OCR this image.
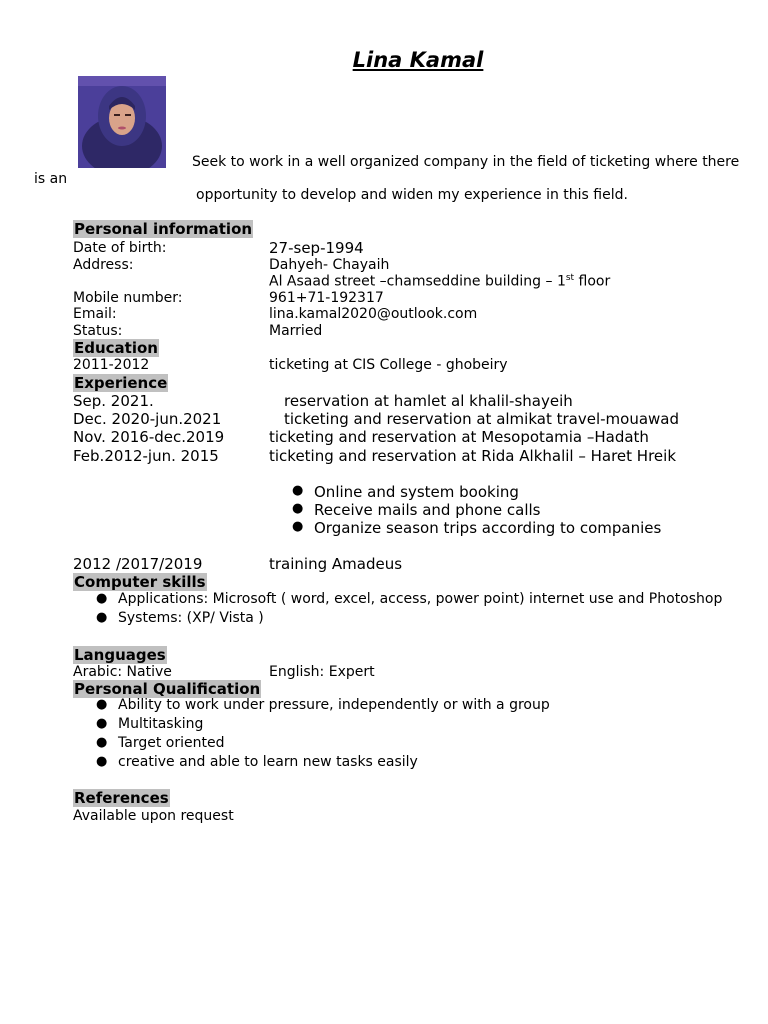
Lina Kamal
Seek to work in a well organized company in the field of ticketing where there
is an
opportunity to develop and widen my experience in this field.
Personal information
Date of birth:	27-sep-1994
Address:	Dahyeh- Chayaih
Al Asaad street –chamseddine building – 1st floor
Mobile number:	961+71-192317
Email:	lina.kamal2020@outlook.com
Status:	Married
Education
2011-2012	ticketing at CIS College - ghobeiry
Experience
Sep. 2021.	reservation at hamlet al khalil-shayeih
Dec. 2020-jun.2021	ticketing and reservation at almikat travel-mouawad
Nov. 2016-dec.2019	ticketing and reservation at Mesopotamia –Hadath
Feb.2012-jun. 2015	ticketing and reservation at Rida Alkhalil – Haret Hreik
● Online and system booking
● Receive mails and phone calls
● Organize season trips according to companies
2012 /2017/2019	training Amadeus
Computer skills
● Applications: Microsoft ( word, excel, access, power point) internet use and Photoshop
● Systems: (XP/ Vista )
Languages
Arabic: Native	English: Expert
Personal Qualification
● Ability to work under pressure, independently or with a group
● Multitasking
● Target oriented
● creative and able to learn new tasks easily
References
Available upon request
